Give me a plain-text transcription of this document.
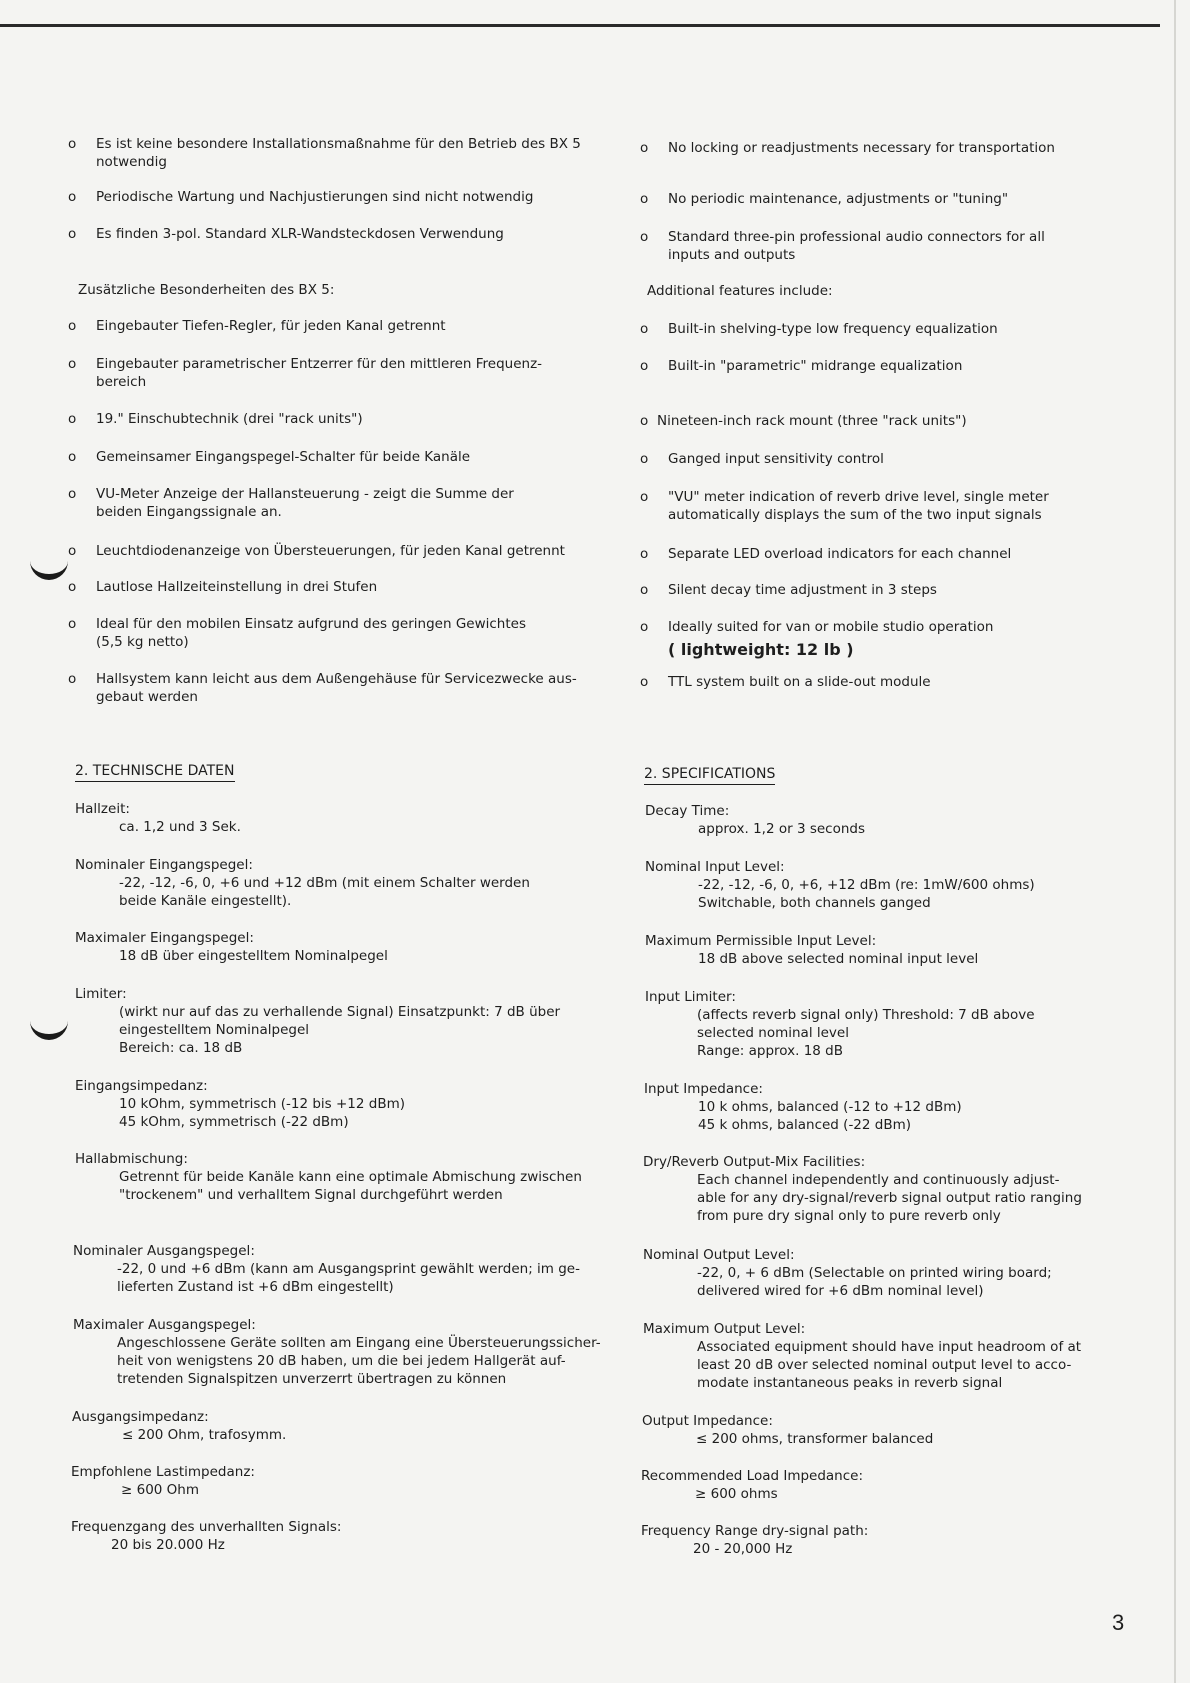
o	Es ist keine besondere Installationsmaßnahme für den Betrieb des BX 5
notwendig
o	Periodische Wartung und Nachjustierungen sind nicht notwendig
o	Es finden 3-pol. Standard XLR-Wandsteckdosen Verwendung
Zusätzliche Besonderheiten des BX 5:
o	Eingebauter Tiefen-Regler, für jeden Kanal getrennt
o	Eingebauter parametrischer Entzerrer für den mittleren Frequenz-
bereich
o	19." Einschubtechnik (drei "rack units")
o	Gemeinsamer Eingangspegel-Schalter für beide Kanäle
o	VU-Meter Anzeige der Hallansteuerung - zeigt die Summe der
beiden Eingangssignale an.
o	Leuchtdiodenanzeige von Übersteuerungen, für jeden Kanal getrennt
o	Lautlose Hallzeiteinstellung in drei Stufen
o	Ideal für den mobilen Einsatz aufgrund des geringen Gewichtes
(5,5 kg netto)
o	Hallsystem kann leicht aus dem Außengehäuse für Servicezwecke aus-
gebaut werden
2. TECHNISCHE DATEN
Hallzeit:
ca. 1,2 und 3 Sek.
Nominaler Eingangspegel:
-22, -12, -6, 0, +6 und +12 dBm (mit einem Schalter werden
beide Kanäle eingestellt).
Maximaler Eingangspegel:
18 dB über eingestelltem Nominalpegel
Limiter:
(wirkt nur auf das zu verhallende Signal) Einsatzpunkt: 7 dB über
eingestelltem Nominalpegel
Bereich: ca. 18 dB
Eingangsimpedanz:
10 kOhm, symmetrisch (-12 bis +12 dBm)
45 kOhm, symmetrisch (-22 dBm)
Hallabmischung:
Getrennt für beide Kanäle kann eine optimale Abmischung zwischen
"trockenem" und verhalltem Signal durchgeführt werden
Nominaler Ausgangspegel:
-22, 0 und +6 dBm (kann am Ausgangsprint gewählt werden; im ge-
lieferten Zustand ist +6 dBm eingestellt)
Maximaler Ausgangspegel:
Angeschlossene Geräte sollten am Eingang eine Übersteuerungssicher-
heit von wenigstens 20 dB haben, um die bei jedem Hallgerät auf-
tretenden Signalspitzen unverzerrt übertragen zu können
Ausgangsimpedanz:
≤ 200 Ohm, trafosymm.
Empfohlene Lastimpedanz:
≥ 600 Ohm
Frequenzgang des unverhallten Signals:
20 bis 20.000 Hz
o	No locking or readjustments necessary for transportation
o	No periodic maintenance, adjustments or "tuning"
o	Standard three-pin professional audio connectors for all
inputs and outputs
Additional features include:
o	Built-in shelving-type low frequency equalization
o	Built-in "parametric" midrange equalization
o Nineteen-inch rack mount (three "rack units")
o	Ganged input sensitivity control
o	"VU" meter indication of reverb drive level, single meter
automatically displays the sum of the two input signals
o	Separate LED overload indicators for each channel
o	Silent decay time adjustment in 3 steps
o	Ideally suited for van or mobile studio operation
( lightweight: 12 lb )
o	TTL system built on a slide-out module
2. SPECIFICATIONS
Decay Time:
approx. 1,2 or 3 seconds
Nominal Input Level:
-22, -12, -6, 0, +6, +12 dBm (re: 1mW/600 ohms)
Switchable, both channels ganged
Maximum Permissible Input Level:
18 dB above selected nominal input level
Input Limiter:
(affects reverb signal only) Threshold: 7 dB above
selected nominal level
Range: approx. 18 dB
Input Impedance:
10 k ohms, balanced (-12 to +12 dBm)
45 k ohms, balanced (-22 dBm)
Dry/Reverb Output-Mix Facilities:
Each channel independently and continuously adjust-
able for any dry-signal/reverb signal output ratio ranging
from pure dry signal only to pure reverb only
Nominal Output Level:
-22, 0, + 6 dBm (Selectable on printed wiring board;
delivered wired for +6 dBm nominal level)
Maximum Output Level:
Associated equipment should have input headroom of at
least 20 dB over selected nominal output level to acco-
modate instantaneous peaks in reverb signal
Output Impedance:
≤ 200 ohms, transformer balanced
Recommended Load Impedance:
≥ 600 ohms
Frequency Range dry-signal path:
20 - 20,000 Hz
3
